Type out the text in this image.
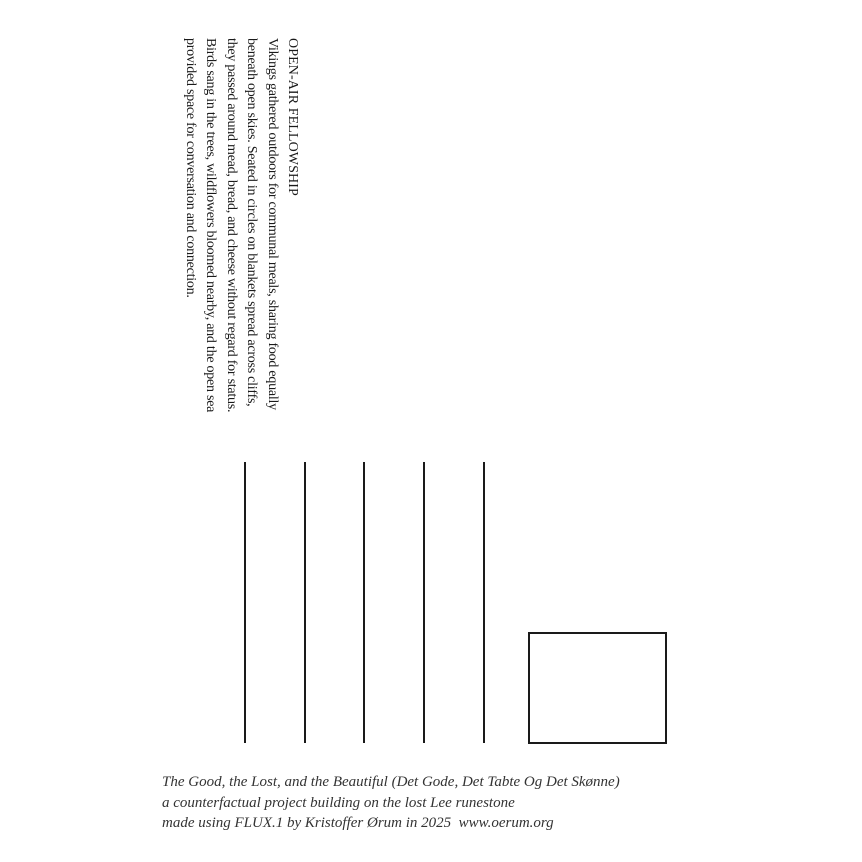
OPEN-AIR FELLOWSHIP

Vikings gathered outdoors for communal meals, sharing food equally beneath open skies. Seated in circles on blankets spread across cliffs, they passed around mead, bread, and cheese without regard for status. Birds sang in the trees, wildflowers bloomed nearby, and the open sea provided space for conversation and connection.

The Good, the Lost, and the Beautiful (Det Gode, Det Tabte Og Det Skønne)
a counterfactual project building on the lost Lee runestone
made using FLUX.1 by Kristoffer Ørum in 2025  www.oerum.org
